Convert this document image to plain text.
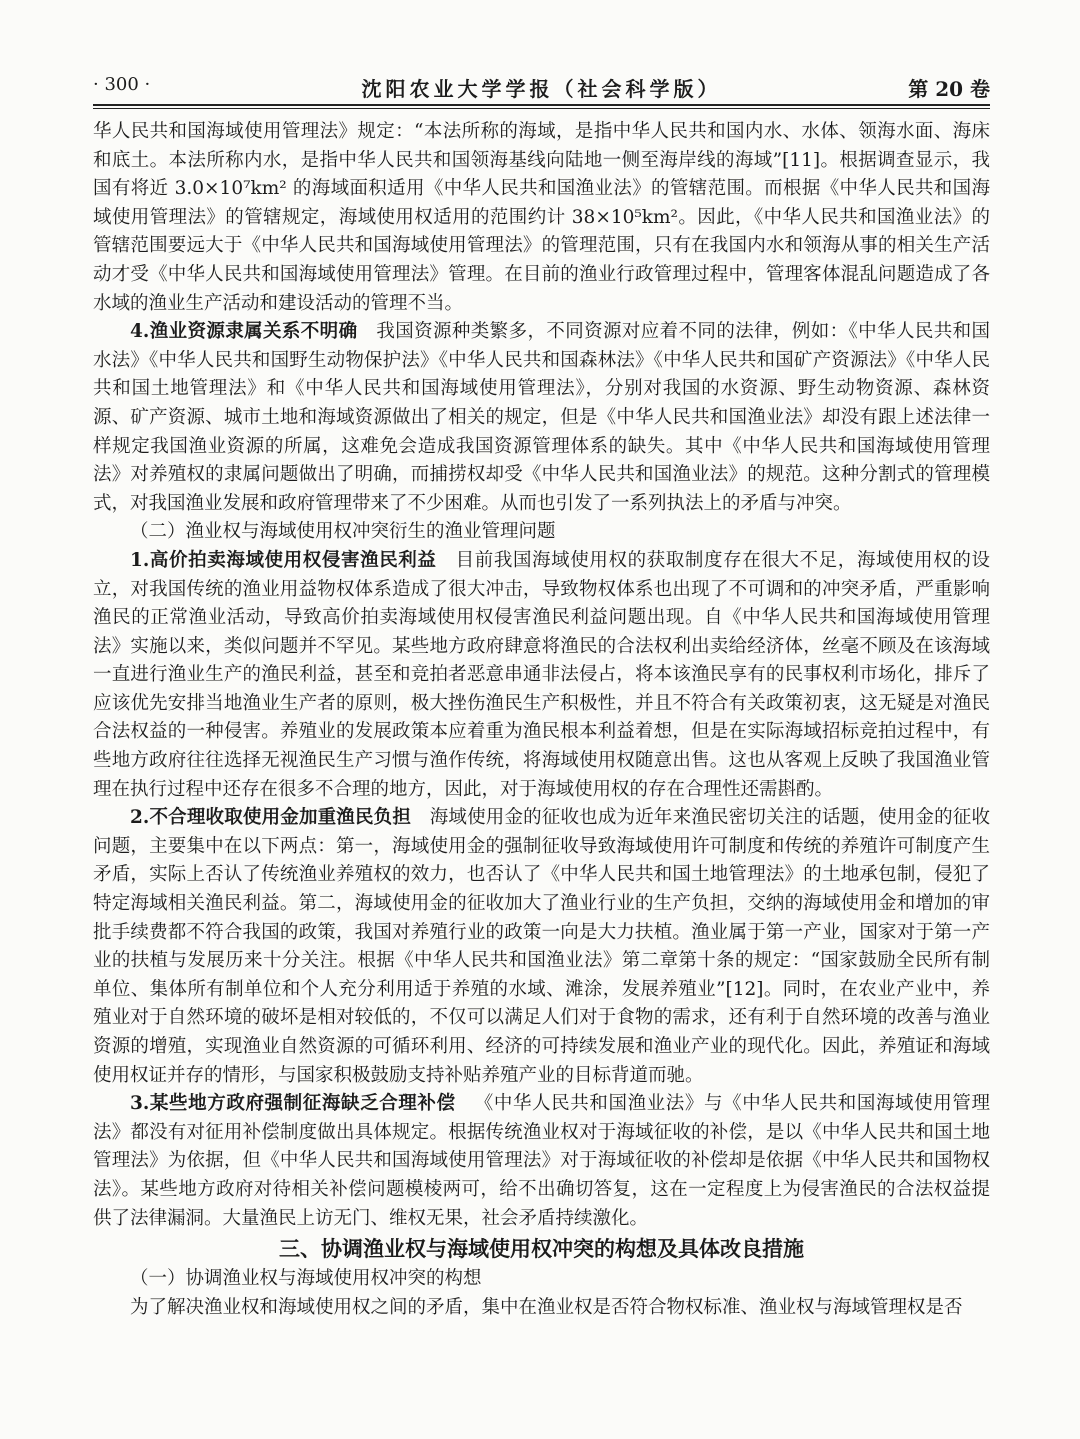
· 300 ·	沈阳农业大学学报（社会科学版）	第 20 卷

华人民共和国海域使用管理法》规定：“本法所称的海域，是指中华人民共和国内水、水体、领海水面、海床和底土。本法所称内水，是指中华人民共和国领海基线向陆地一侧至海岸线的海域”[11]。根据调查显示，我国有将近 3.0×10⁷km² 的海域面积适用《中华人民共和国渔业法》的管辖范围。而根据《中华人民共和国海域使用管理法》的管辖规定，海域使用权适用的范围约计 38×10⁵km²。因此，《中华人民共和国渔业法》的管辖范围要远大于《中华人民共和国海域使用管理法》的管理范围，只有在我国内水和领海从事的相关生产活动才受《中华人民共和国海域使用管理法》管理。在目前的渔业行政管理过程中，管理客体混乱问题造成了各水域的渔业生产活动和建设活动的管理不当。

4.渔业资源隶属关系不明确  我国资源种类繁多，不同资源对应着不同的法律，例如：《中华人民共和国水法》《中华人民共和国野生动物保护法》《中华人民共和国森林法》《中华人民共和国矿产资源法》《中华人民共和国土地管理法》和《中华人民共和国海域使用管理法》，分别对我国的水资源、野生动物资源、森林资源、矿产资源、城市土地和海域资源做出了相关的规定，但是《中华人民共和国渔业法》却没有跟上述法律一样规定我国渔业资源的所属，这难免会造成我国资源管理体系的缺失。其中《中华人民共和国海域使用管理法》对养殖权的隶属问题做出了明确，而捕捞权却受《中华人民共和国渔业法》的规范。这种分割式的管理模式，对我国渔业发展和政府管理带来了不少困难。从而也引发了一系列执法上的矛盾与冲突。

（二）渔业权与海域使用权冲突衍生的渔业管理问题

1.高价拍卖海域使用权侵害渔民利益  目前我国海域使用权的获取制度存在很大不足，海域使用权的设立，对我国传统的渔业用益物权体系造成了很大冲击，导致物权体系也出现了不可调和的冲突矛盾，严重影响渔民的正常渔业活动，导致高价拍卖海域使用权侵害渔民利益问题出现。自《中华人民共和国海域使用管理法》实施以来，类似问题并不罕见。某些地方政府肆意将渔民的合法权利出卖给经济体，丝毫不顾及在该海域一直进行渔业生产的渔民利益，甚至和竞拍者恶意串通非法侵占，将本该渔民享有的民事权利市场化，排斥了应该优先安排当地渔业生产者的原则，极大挫伤渔民生产积极性，并且不符合有关政策初衷，这无疑是对渔民合法权益的一种侵害。养殖业的发展政策本应着重为渔民根本利益着想，但是在实际海域招标竞拍过程中，有些地方政府往往选择无视渔民生产习惯与渔作传统，将海域使用权随意出售。这也从客观上反映了我国渔业管理在执行过程中还存在很多不合理的地方，因此，对于海域使用权的存在合理性还需斟酌。

2.不合理收取使用金加重渔民负担  海域使用金的征收也成为近年来渔民密切关注的话题，使用金的征收问题，主要集中在以下两点：第一，海域使用金的强制征收导致海域使用许可制度和传统的养殖许可制度产生矛盾，实际上否认了传统渔业养殖权的效力，也否认了《中华人民共和国土地管理法》的土地承包制，侵犯了特定海域相关渔民利益。第二，海域使用金的征收加大了渔业行业的生产负担，交纳的海域使用金和增加的审批手续费都不符合我国的政策，我国对养殖行业的政策一向是大力扶植。渔业属于第一产业，国家对于第一产业的扶植与发展历来十分关注。根据《中华人民共和国渔业法》第二章第十条的规定：“国家鼓励全民所有制单位、集体所有制单位和个人充分利用适于养殖的水域、滩涂，发展养殖业”[12]。同时，在农业产业中，养殖业对于自然环境的破坏是相对较低的，不仅可以满足人们对于食物的需求，还有利于自然环境的改善与渔业资源的增殖，实现渔业自然资源的可循环利用、经济的可持续发展和渔业产业的现代化。因此，养殖证和海域使用权证并存的情形，与国家积极鼓励支持补贴养殖产业的目标背道而驰。

3.某些地方政府强制征海缺乏合理补偿  《中华人民共和国渔业法》与《中华人民共和国海域使用管理法》都没有对征用补偿制度做出具体规定。根据传统渔业权对于海域征收的补偿，是以《中华人民共和国土地管理法》为依据，但《中华人民共和国海域使用管理法》对于海域征收的补偿却是依据《中华人民共和国物权法》。某些地方政府对待相关补偿问题模棱两可，给不出确切答复，这在一定程度上为侵害渔民的合法权益提供了法律漏洞。大量渔民上访无门、维权无果，社会矛盾持续激化。

三、协调渔业权与海域使用权冲突的构想及具体改良措施

（一）协调渔业权与海域使用权冲突的构想

为了解决渔业权和海域使用权之间的矛盾，集中在渔业权是否符合物权标准、渔业权与海域管理权是否
